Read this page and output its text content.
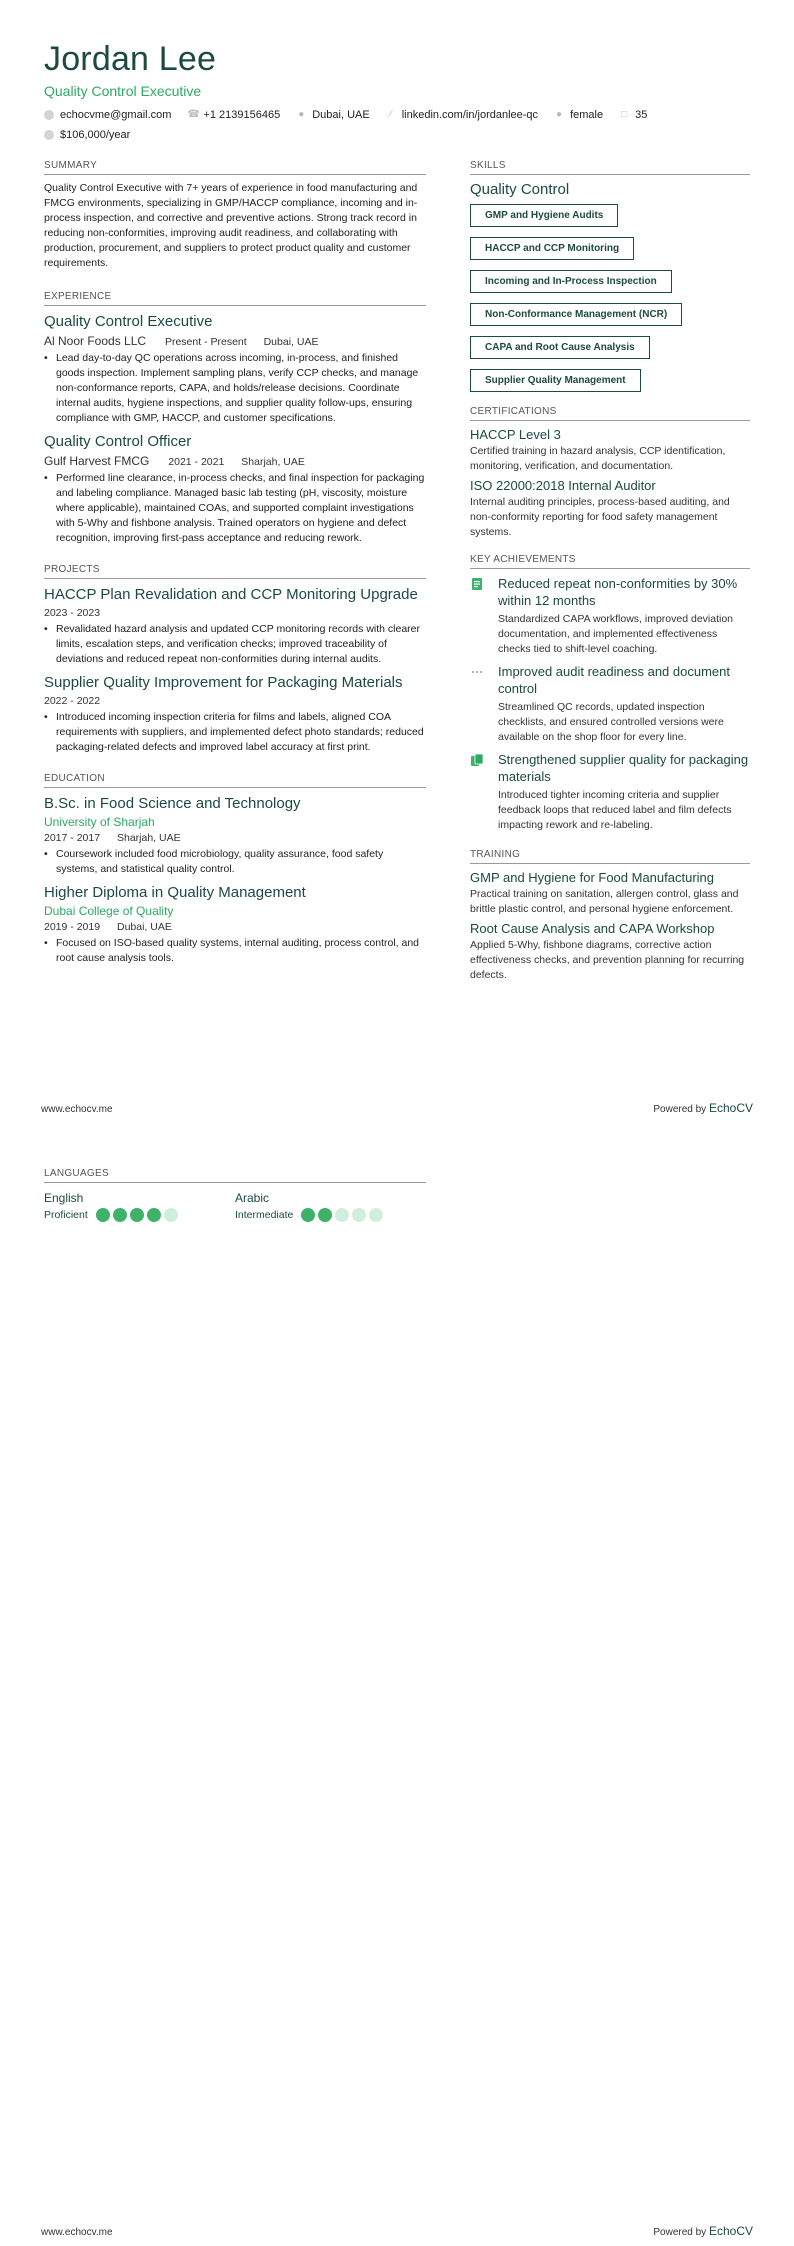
Jordan Lee
Quality Control Executive
echocvme@gmail.com ☎ +1 2139156465 ● Dubai, UAE	∕ linkedin.com/in/jordanlee-qc ● female □ 35
$106,000/year
SUMMARY
Quality Control Executive with 7+ years of experience in food manufacturing and FMCG environments, specializing in GMP/HACCP compliance, incoming and in-process inspection, and corrective and preventive actions. Strong track record in reducing non-conformities, improving audit readiness, and collaborating with production, procurement, and suppliers to protect product quality and customer requirements.
EXPERIENCE
Quality Control Executive
Al Noor Foods LLC Present - Present Dubai, UAE
• Lead day-to-day QC operations across incoming, in-process, and finished goods inspection. Implement sampling plans, verify CCP checks, and manage non-conformance reports, CAPA, and holds/release decisions. Coordinate internal audits, hygiene inspections, and supplier quality follow-ups, ensuring compliance with GMP, HACCP, and customer specifications.
Quality Control Officer
Gulf Harvest FMCG 2021 - 2021 Sharjah, UAE
• Performed line clearance, in-process checks, and final inspection for packaging and labeling compliance. Managed basic lab testing (pH, viscosity, moisture where applicable), maintained COAs, and supported complaint investigations with 5-Why and fishbone analysis. Trained operators on hygiene and defect recognition, improving first-pass acceptance and reducing rework.
PROJECTS
HACCP Plan Revalidation and CCP Monitoring Upgrade
2023 - 2023
• Revalidated hazard analysis and updated CCP monitoring records with clearer limits, escalation steps, and verification checks; improved traceability of deviations and reduced repeat non-conformities during internal audits.
Supplier Quality Improvement for Packaging Materials
2022 - 2022
• Introduced incoming inspection criteria for films and labels, aligned COA requirements with suppliers, and implemented defect photo standards; reduced packaging-related defects and improved label accuracy at first print.
EDUCATION
B.Sc. in Food Science and Technology
University of Sharjah
2017 - 2017 Sharjah, UAE
• Coursework included food microbiology, quality assurance, food safety systems, and statistical quality control.
Higher Diploma in Quality Management
Dubai College of Quality
2019 - 2019 Dubai, UAE
• Focused on ISO-based quality systems, internal auditing, process control, and root cause analysis tools.
SKILLS
Quality Control
GMP and Hygiene Audits
HACCP and CCP Monitoring
Incoming and In-Process Inspection
Non-Conformance Management (NCR)
CAPA and Root Cause Analysis
Supplier Quality Management
CERTIFICATIONS
HACCP Level 3
Certified training in hazard analysis, CCP identification, monitoring, verification, and documentation.
ISO 22000:2018 Internal Auditor
Internal auditing principles, process-based auditing, and non-conformity reporting for food safety management systems.
KEY ACHIEVEMENTS
Reduced repeat non-conformities by 30% within 12 months
Standardized CAPA workflows, improved deviation documentation, and implemented effectiveness checks tied to shift-level coaching.
Improved audit readiness and document control
Streamlined QC records, updated inspection checklists, and ensured controlled versions were available on the shop floor for every line.
Strengthened supplier quality for packaging materials
Introduced tighter incoming criteria and supplier feedback loops that reduced label and film defects impacting rework and re-labeling.
TRAINING
GMP and Hygiene for Food Manufacturing
Practical training on sanitation, allergen control, glass and brittle plastic control, and personal hygiene enforcement.
Root Cause Analysis and CAPA Workshop
Applied 5-Why, fishbone diagrams, corrective action effectiveness checks, and prevention planning for recurring defects.
www.echocv.me	Powered by EchoCV
LANGUAGES
English
Proficient
Arabic
Intermediate
www.echocv.me	Powered by EchoCV
